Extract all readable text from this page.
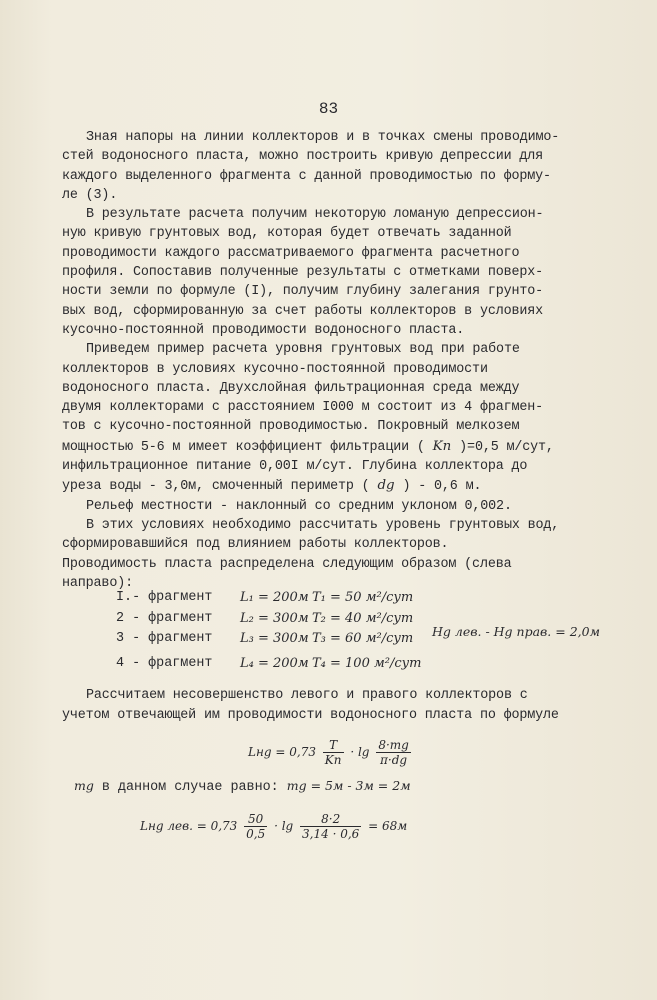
83
Зная напоры на линии коллекторов и в точках смены проводимо-
стей водоносного пласта, можно построить кривую депрессии для
каждого выделенного фрагмента с данной проводимостью по форму-
ле (3).
В результате расчета получим некоторую ломаную депрессион-
ную кривую грунтовых вод, которая будет отвечать заданной
проводимости каждого рассматриваемого фрагмента расчетного
профиля. Сопоставив полученные результаты с отметками поверх-
ности земли по формуле (I), получим глубину залегания грунто-
вых вод, сформированную за счет работы коллекторов в условиях
кусочно-постоянной проводимости водоносного пласта.
Приведем пример расчета уровня грунтовых вод при работе
коллекторов в условиях кусочно-постоянной проводимости
водоносного пласта. Двухслойная фильтрационная среда между
двумя коллекторами с расстоянием I000 м состоит из 4 фрагмен-
тов с кусочно-постоянной проводимостью. Покровный мелкозем
мощностью 5-6 м имеет коэффициент фильтрации ( Kп )=0,5 м/сут,
инфильтрационное питание 0,00I м/сут. Глубина коллектора до
уреза воды - 3,0м, смоченный периметр ( dg ) - 0,6 м.
Рельеф местности - наклонный со средним уклоном 0,002.
В этих условиях необходимо рассчитать уровень грунтовых вод,
сформировавшийся под влиянием работы коллекторов.
Проводимость пласта распределена следующим образом (слева
направо):
I.- фрагмент	L₁ = 200м T₁ = 50 м²/сут
2 - фрагмент	L₂ = 300м T₂ = 40 м²/сут
3 - фрагмент	L₃ = 300м T₃ = 60 м²/сут
4 - фрагмент	L₄ = 200м T₄ = 100 м²/сут
Hg лев. - Hg прав. = 2,0м
Рассчитаем несовершенство левого и правого коллекторов с
учетом отвечающей им проводимости водоносного пласта по формуле
Lнg = $0,73 \frac{T}{Kп} \cdot \lg \frac{8\cdot mg}{\pi\cdot dg}$
mg в данном случае равно: mg = 5м - 3м = 2м
Lнg лев. = $0,73 \frac{50}{0,5} \cdot \lg \frac{8\cdot 2}{3,14 \cdot 0,6} = 68м$
